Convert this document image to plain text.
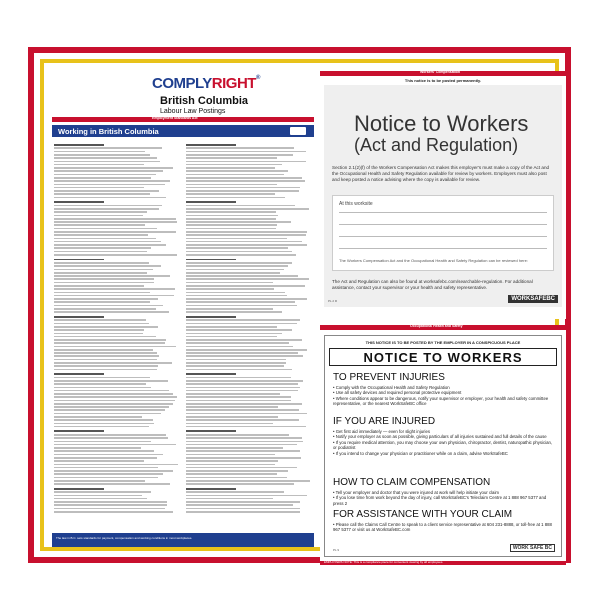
COMPLYRIGHT®
British Columbia
Labour Law Postings
Employment Standards Act
Working in British Columbia
The law in B.C. sets standards for payment, compensation and working conditions in most workplaces.
Workers' Compensation
This notice is to be posted permanently.
Notice to Workers
(Act and Regulation)
Section 2.1(2)(f) of the Workers Compensation Act makes this employer's must make a copy of the Act and the Occupational Health and Safety Regulation available for review by workers. Employers must also post and keep posted a notice advising where the copy is available for review.
At this worksite
The Workers Compensation Act and the Occupational Health and Safety Regulation can be reviewed here:
The Act and Regulation can also be found at worksafebc.com/searchable-regulation. For additional assistance, contact your supervisor or your health and safety representative.
PL 2 R	WORKSAFEBC
Occupational Health and Safety
THIS NOTICE IS TO BE POSTED BY THE EMPLOYER IN A CONSPICUOUS PLACE
NOTICE TO WORKERS
TO PREVENT INJURIES
• Comply with the Occupational Health and Safety Regulation
• Use all safety devices and required personal protective equipment
• Where conditions appear to be dangerous, notify your supervisor or employer, your health and safety committee representative, or the nearest WorkSafeBC office
IF YOU ARE INJURED
• Get first aid immediately — even for slight injuries
• Notify your employer as soon as possible, giving particulars of all injuries sustained and full details of the cause
• If you require medical attention, you may choose your own physician, chiropractor, dentist, naturopathic physician, or podiatrist
• If you intend to change your physician or practitioner while on a claim, advise WorkSafeBC
HOW TO CLAIM COMPENSATION
• Tell your employer and doctor that you were injured at work will help initiate your claim
• If you lose time from work beyond the day of injury, call WorkSafeBC's Teleclaim Centre at 1 888 967 5377 and press 2
FOR ASSISTANCE WITH YOUR CLAIM
• Please call the Claims Call Centre to speak to a client service representative at 604 231-8888, or toll-free at 1 888 967 5377 or visit us at WorkSafeBC.com
PL 9	WORK SAFE BC
EMPLOYERS NOTE: This is a compliance piece for convenient viewing by all employees.
